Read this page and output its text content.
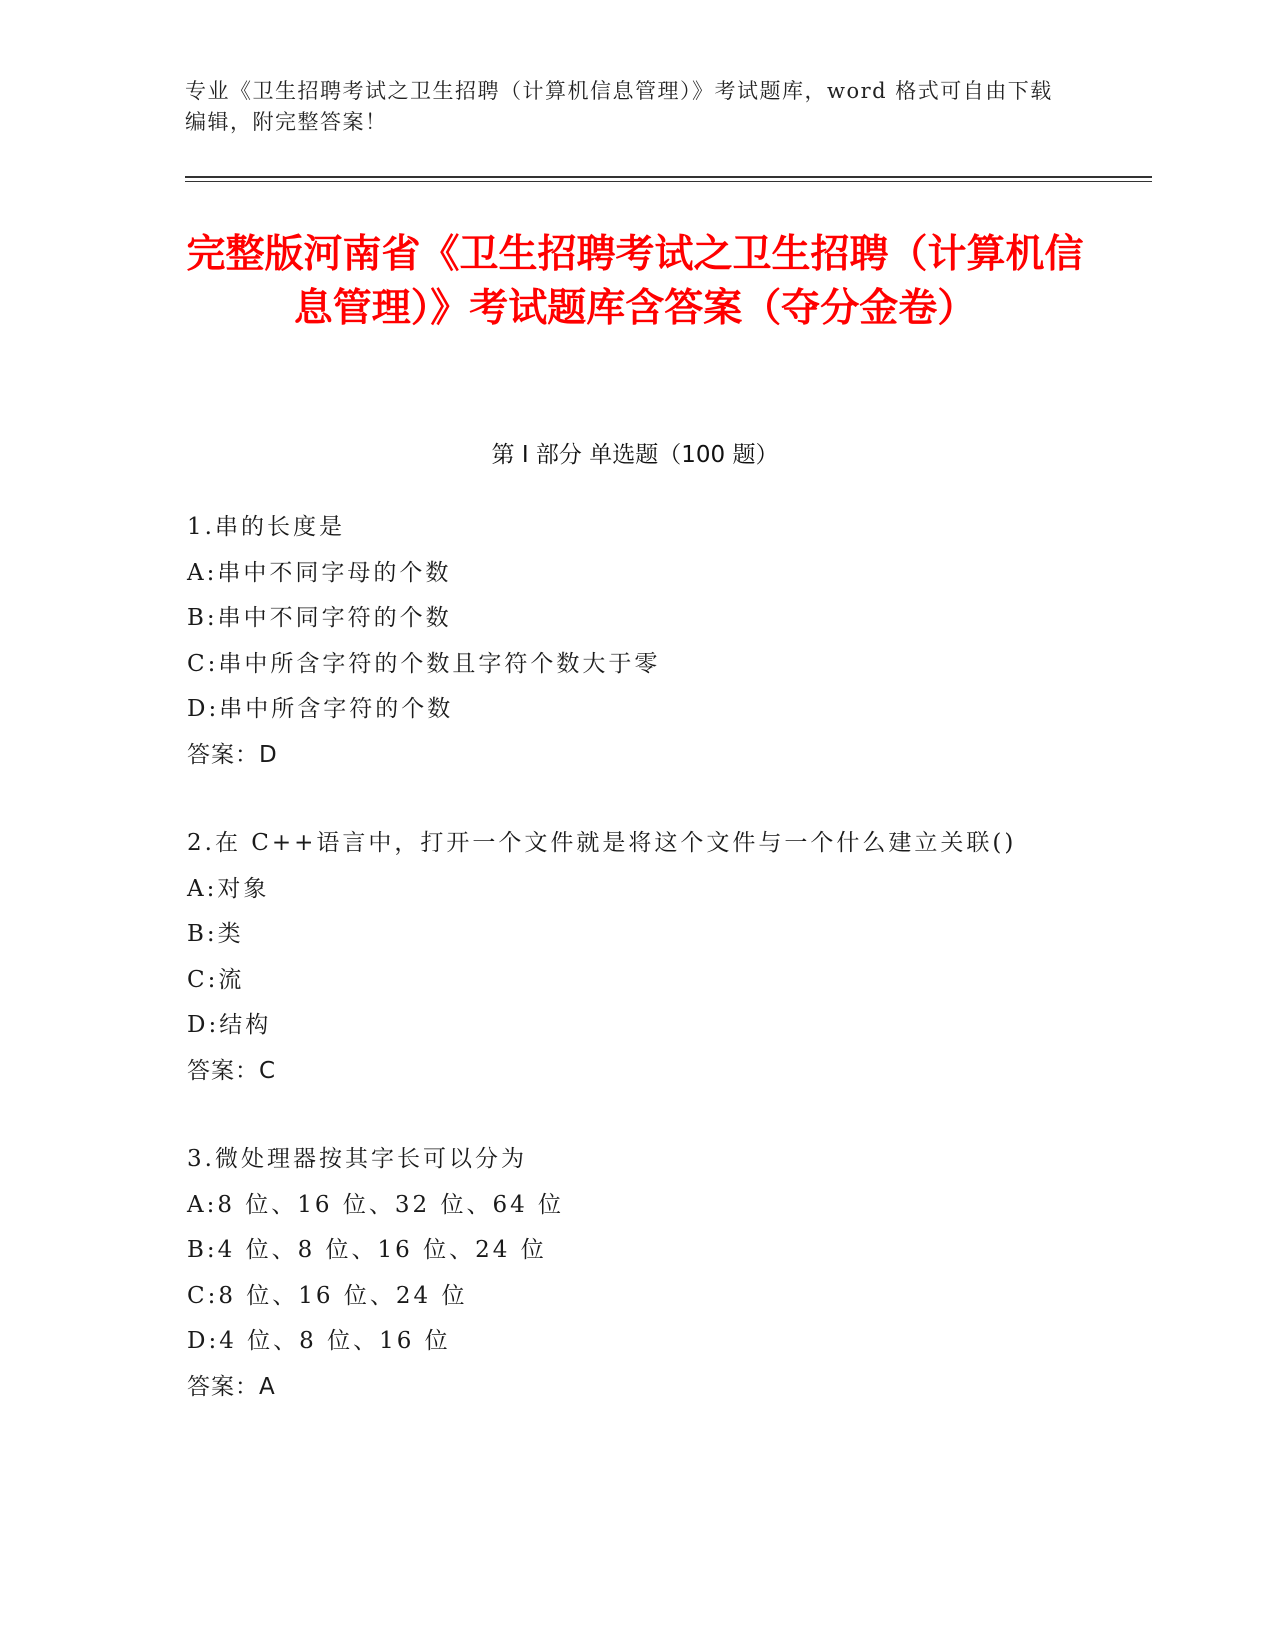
专业《卫生招聘考试之卫生招聘（计算机信息管理）》考试题库，word 格式可自由下载编辑，附完整答案！
完整版河南省《卫生招聘考试之卫生招聘（计算机信息管理）》考试题库含答案（夺分金卷）
第 I 部分 单选题（100 题）
1.串的长度是
A:串中不同字母的个数
B:串中不同字符的个数
C:串中所含字符的个数且字符个数大于零
D:串中所含字符的个数
答案：D
2.在 C++语言中，打开一个文件就是将这个文件与一个什么建立关联()
A:对象
B:类
C:流
D:结构
答案：C
3.微处理器按其字长可以分为
A:8 位、16 位、32 位、64 位
B:4 位、8 位、16 位、24 位
C:8 位、16 位、24 位
D:4 位、8 位、16 位
答案：A
